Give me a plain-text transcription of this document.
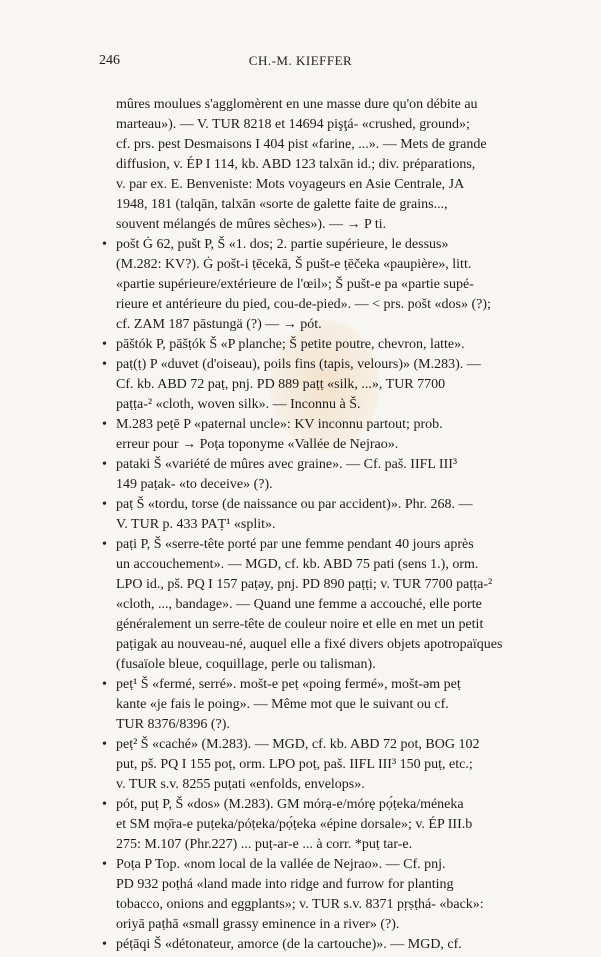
246	CH.-M. KIEFFER
mûres moulues s'agglomèrent en une masse dure qu'on débite au
marteau»). — V. TUR 8218 et 14694 pişţá- «crushed, ground»;
cf. prs. pest Desmaisons I 404 pist «farine, ...». — Mets de grande
diffusion, v. ÉP I 114, kb. ABD 123 talxān id.; div. préparations,
v. par ex. E. Benveniste: Mots voyageurs en Asie Centrale, JA
1948, 181 (talqān, talxān «sorte de galette faite de grains...,
souvent mélangés de mûres sèches»). — → P ti.
• pošt Ġ 62, pušt P, Š «1. dos; 2. partie supérieure, le dessus»
(M.282: KV?). Ġ pošt-i ṭēcekā, Š pušt-e ṭēčeka «paupière», litt.
«partie supérieure/extérieure de l'œil»; Š pušt-e pa «partie supé-
rieure et antérieure du pied, cou-de-pied». — < prs. pošt «dos» (?);
cf. ZAM 187 pāstungä (?) — → pót.
• pāštók P, pāšṭók Š «P planche; Š petite poutre, chevron, latte».
• paṭ(ṭ) P «duvet (d'oiseau), poils fins (tapis, velours)» (M.283). —
Cf. kb. ABD 72 paṭ, pnj. PD 889 paṭṭ «silk, ...», TUR 7700
paṭṭa-² «cloth, woven silk». — Inconnu à Š.
• M.283 peṭē P «paternal uncle»: KV inconnu partout; prob.
erreur pour → Poṭa toponyme «Vallée de Nejrao».
• pataki Š «variété de mûres avec graine». — Cf. paš. IIFL III³
149 paṭak- «to deceive» (?).
• paṭ Š «tordu, torse (de naissance ou par accident)». Phr. 268. —
V. TUR p. 433 PAṬ¹ «split».
• paṭi P, Š «serre-tête porté par une femme pendant 40 jours après
un accouchement». — MGD, cf. kb. ABD 75 pati (sens 1.), orm.
LPO id., pš. PQ I 157 paṭəy, pnj. PD 890 paṭṭi; v. TUR 7700 paṭṭa-²
«cloth, ..., bandage». — Quand une femme a accouché, elle porte
généralement un serre-tête de couleur noire et elle en met un petit
paṭigak au nouveau-né, auquel elle a fixé divers objets apotropaïques
(fusaïole bleue, coquillage, perle ou talisman).
• peṭ¹ Š «fermé, serré». mošt-e peṭ «poing fermé», mošt-əm peṭ
kante «je fais le poing». — Même mot que le suivant ou cf.
TUR 8376/8396 (?).
• peṭ² Š «caché» (M.283). — MGD, cf. kb. ABD 72 pot, BOG 102
put, pš. PQ I 155 poṭ, orm. LPO poṭ, paš. IIFL III³ 150 puṭ, etc.;
v. TUR s.v. 8255 puṭati «enfolds, envelops».
• pót, puṭ P, Š «dos» (M.283). GM mórạ-e/mórẹ pọ́ṭeka/méneka
et SM mọ̄ra-e puṭeka/póṭeka/pọ́ṭeka «épine dorsale»; v. ÉP III.b
275: M.107 (Phr.227) ... puṭ-ar-e ... à corr. *puṭ tar-e.
• Poṭa P Top. «nom local de la vallée de Nejrao». — Cf. pnj.
PD 932 poṭhá «land made into ridge and furrow for planting
tobacco, onions and eggplants»; v. TUR s.v. 8371 pṛṣṭhá- «back»:
oriyā paṭhā «small grassy eminence in a river» (?).
• péṭāqi Š «détonateur, amorce (de la cartouche)». — MGD, cf.
